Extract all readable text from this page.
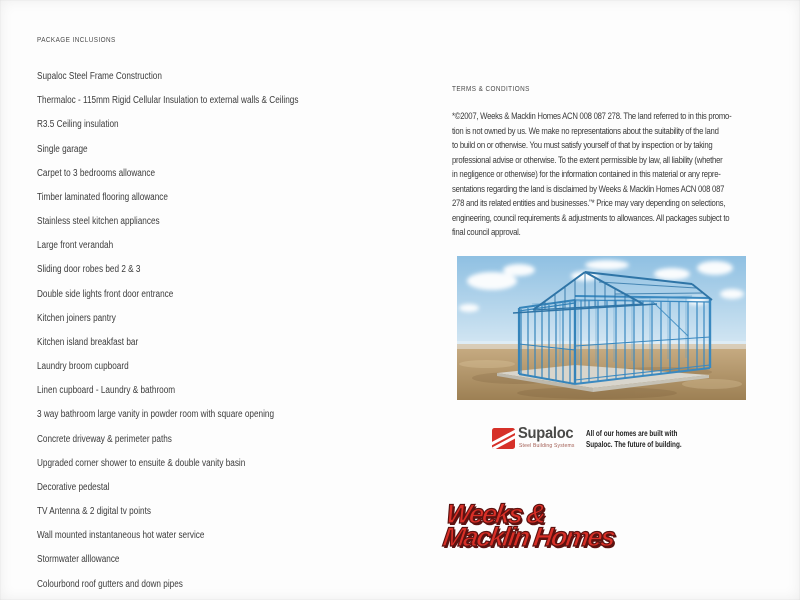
PACKAGE INCLUSIONS
Supaloc Steel Frame Construction
Thermaloc - 115mm Rigid Cellular Insulation to external walls & Ceilings
R3.5 Ceiling insulation
Single garage
Carpet to 3 bedrooms allowance
Timber laminated flooring allowance
Stainless steel kitchen appliances
Large front verandah
Sliding door robes bed 2 & 3
Double side lights front door entrance
Kitchen joiners pantry
Kitchen island breakfast bar
Laundry broom cupboard
Linen cupboard - Laundry & bathroom
3 way bathroom large vanity in powder room with square opening
Concrete driveway & perimeter paths
Upgraded corner shower to ensuite & double vanity basin
Decorative pedestal
TV Antenna & 2 digital tv points
Wall mounted instantaneous hot water service
Stormwater alllowance
Colourbond roof gutters and down pipes
TERMS & CONDITIONS
*©2007, Weeks & Macklin Homes ACN 008 087 278. The land referred to in this promo-
tion is not owned by us. We make no representations about the suitability of the land
to build on or otherwise. You must satisfy yourself of that by inspection or by taking
professional advise or otherwise. To the extent permissible by law, all liability (whether
in negligence or otherwise) for the information contained in this material or any repre-
sentations regarding the land is disclaimed by Weeks & Macklin Homes ACN 008 087
278 and its related entities and businesses."* Price may vary depending on selections,
engineering, council requirements & adjustments to allowances. All packages subject to
final council approval.
Supaloc
Steel Building Systems
All of our homes are built with
Supaloc. The future of building.
Weeks &
Macklin Homes
